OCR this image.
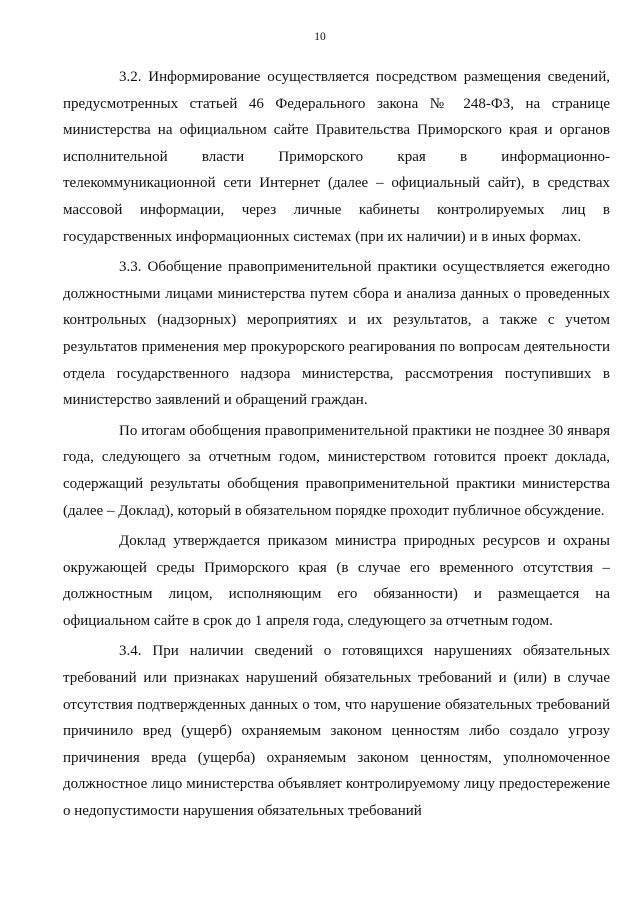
10

3.2. Информирование осуществляется посредством размещения сведений, предусмотренных статьей 46 Федерального закона № 248-ФЗ, на странице министерства на официальном сайте Правительства Приморского края и органов исполнительной власти Приморского края в информационно-телекоммуникационной сети Интернет (далее – официальный сайт), в средствах массовой информации, через личные кабинеты контролируемых лиц в государственных информационных системах (при их наличии) и в иных формах.

3.3. Обобщение правоприменительной практики осуществляется ежегодно должностными лицами министерства путем сбора и анализа данных о проведенных контрольных (надзорных) мероприятиях и их результатов, а также с учетом результатов применения мер прокурорского реагирования по вопросам деятельности отдела государственного надзора министерства, рассмотрения поступивших в министерство заявлений и обращений граждан.

По итогам обобщения правоприменительной практики не позднее 30 января года, следующего за отчетным годом, министерством готовится проект доклада, содержащий результаты обобщения правоприменительной практики министерства (далее – Доклад), который в обязательном порядке проходит публичное обсуждение.

Доклад утверждается приказом министра природных ресурсов и охраны окружающей среды Приморского края (в случае его временного отсутствия – должностным лицом, исполняющим его обязанности) и размещается на официальном сайте в срок до 1 апреля года, следующего за отчетным годом.

3.4. При наличии сведений о готовящихся нарушениях обязательных требований или признаках нарушений обязательных требований и (или) в случае отсутствия подтвержденных данных о том, что нарушение обязательных требований причинило вред (ущерб) охраняемым законом ценностям либо создало угрозу причинения вреда (ущерба) охраняемым законом ценностям, уполномоченное должностное лицо министерства объявляет контролируемому лицу предостережение о недопустимости нарушения обязательных требований
